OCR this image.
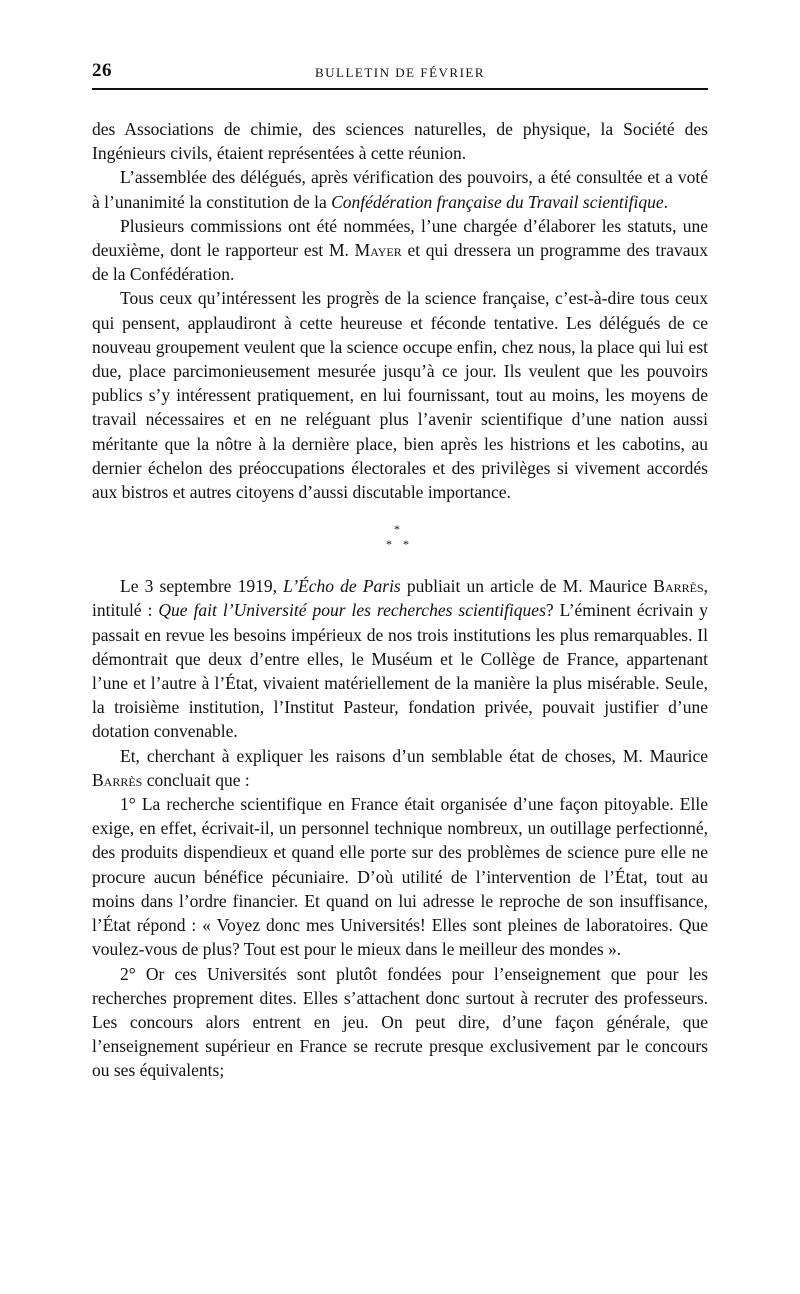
26	BULLETIN DE FÉVRIER

des Associations de chimie, des sciences naturelles, de physique, la Société des Ingénieurs civils, étaient représentées à cette réunion.

L’assemblée des délégués, après vérification des pouvoirs, a été consultée et a voté à l’unanimité la constitution de la Confédération française du Travail scientifique.

Plusieurs commissions ont été nommées, l’une chargée d’élaborer les statuts, une deuxième, dont le rapporteur est M. Mayer et qui dressera un programme des travaux de la Confédération.

Tous ceux qu’intéressent les progrès de la science française, c’est-à-dire tous ceux qui pensent, applaudiront à cette heureuse et féconde tentative. Les délégués de ce nouveau groupement veulent que la science occupe enfin, chez nous, la place qui lui est due, place parcimonieusement mesurée jusqu’à ce jour. Ils veulent que les pouvoirs publics s’y intéressent pratiquement, en lui fournissant, tout au moins, les moyens de travail nécessaires et en ne reléguant plus l’avenir scientifique d’une nation aussi méritante que la nôtre à la dernière place, bien après les histrions et les cabotins, au dernier échelon des préoccupations électorales et des privilèges si vivement accordés aux bistros et autres citoyens d’aussi discutable importance.

*
* *

Le 3 septembre 1919, L’Écho de Paris publiait un article de M. Maurice Barrès, intitulé : Que fait l’Université pour les recherches scientifiques? L’éminent écrivain y passait en revue les besoins impérieux de nos trois institutions les plus remarquables. Il démontrait que deux d’entre elles, le Muséum et le Collège de France, appartenant l’une et l’autre à l’État, vivaient matériellement de la manière la plus misérable. Seule, la troisième institution, l’Institut Pasteur, fondation privée, pouvait justifier d’une dotation convenable.

Et, cherchant à expliquer les raisons d’un semblable état de choses, M. Maurice Barrès concluait que :

1° La recherche scientifique en France était organisée d’une façon pitoyable. Elle exige, en effet, écrivait-il, un personnel technique nombreux, un outillage perfectionné, des produits dispendieux et quand elle porte sur des problèmes de science pure elle ne procure aucun bénéfice pécuniaire. D’où utilité de l’intervention de l’État, tout au moins dans l’ordre financier. Et quand on lui adresse le reproche de son insuffisance, l’État répond : « Voyez donc mes Universités! Elles sont pleines de laboratoires. Que voulez-vous de plus? Tout est pour le mieux dans le meilleur des mondes ».

2° Or ces Universités sont plutôt fondées pour l’enseignement que pour les recherches proprement dites. Elles s’attachent donc surtout à recruter des professeurs. Les concours alors entrent en jeu. On peut dire, d’une façon générale, que l’enseignement supérieur en France se recrute presque exclusivement par le concours ou ses équivalents;
